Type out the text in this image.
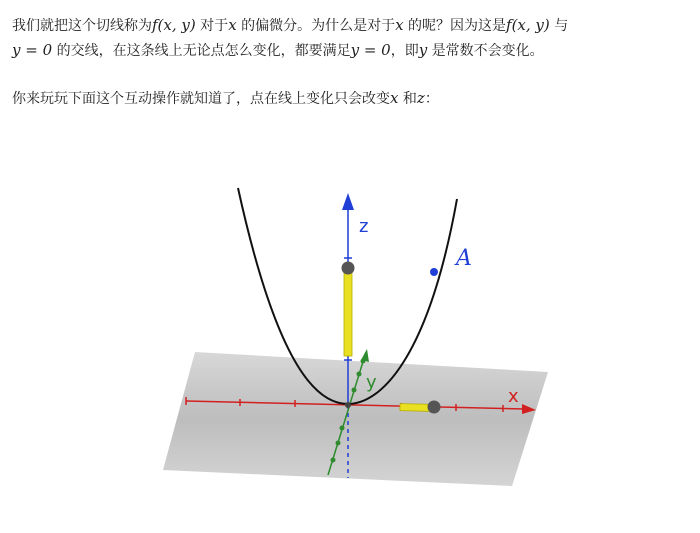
我们就把这个切线称为f(x, y) 对于x 的偏微分。为什么是对于x 的呢？因为这是f(x, y) 与
y = 0 的交线，在这条线上无论点怎么变化，都要满足y = 0，即y 是常数不会变化。

你来玩玩下面这个互动操作就知道了，点在线上变化只会改变x 和z：

z
y
x
A
